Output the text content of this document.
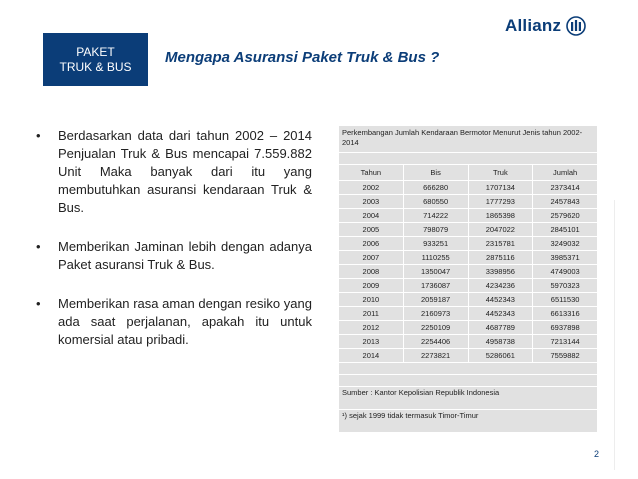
PAKET
TRUK & BUS
Mengapa Asuransi Paket Truk & Bus ?
Allianz
• Berdasarkan data dari tahun 2002 – 2014 Penjualan Truk & Bus mencapai 7.559.882 Unit Maka banyak dari itu yang membutuhkan asuransi kendaraan Truk & Bus.
• Memberikan Jaminan lebih dengan adanya Paket asuransi Truk & Bus.
• Memberikan rasa aman dengan resiko yang ada saat perjalanan, apakah itu untuk komersial atau pribadi.
Perkembangan Jumlah Kendaraan Bermotor Menurut Jenis tahun 2002-2014			

Tahun	Bis	Truk	Jumlah
2002	666280	1707134	2373414
2003	680550	1777293	2457843
2004	714222	1865398	2579620
2005	798079	2047022	2845101
2006	933251	2315781	3249032
2007	1110255	2875116	3985371
2008	1350047	3398956	4749003
2009	1736087	4234236	5970323
2010	2059187	4452343	6511530
2011	2160973	4452343	6613316
2012	2250109	4687789	6937898
2013	2254406	4958738	7213144
2014	2273821	5286061	7559882

Sumber : Kantor Kepolisian Republik Indonesia			
¹) sejak 1999 tidak termasuk Timor-Timur			
2
